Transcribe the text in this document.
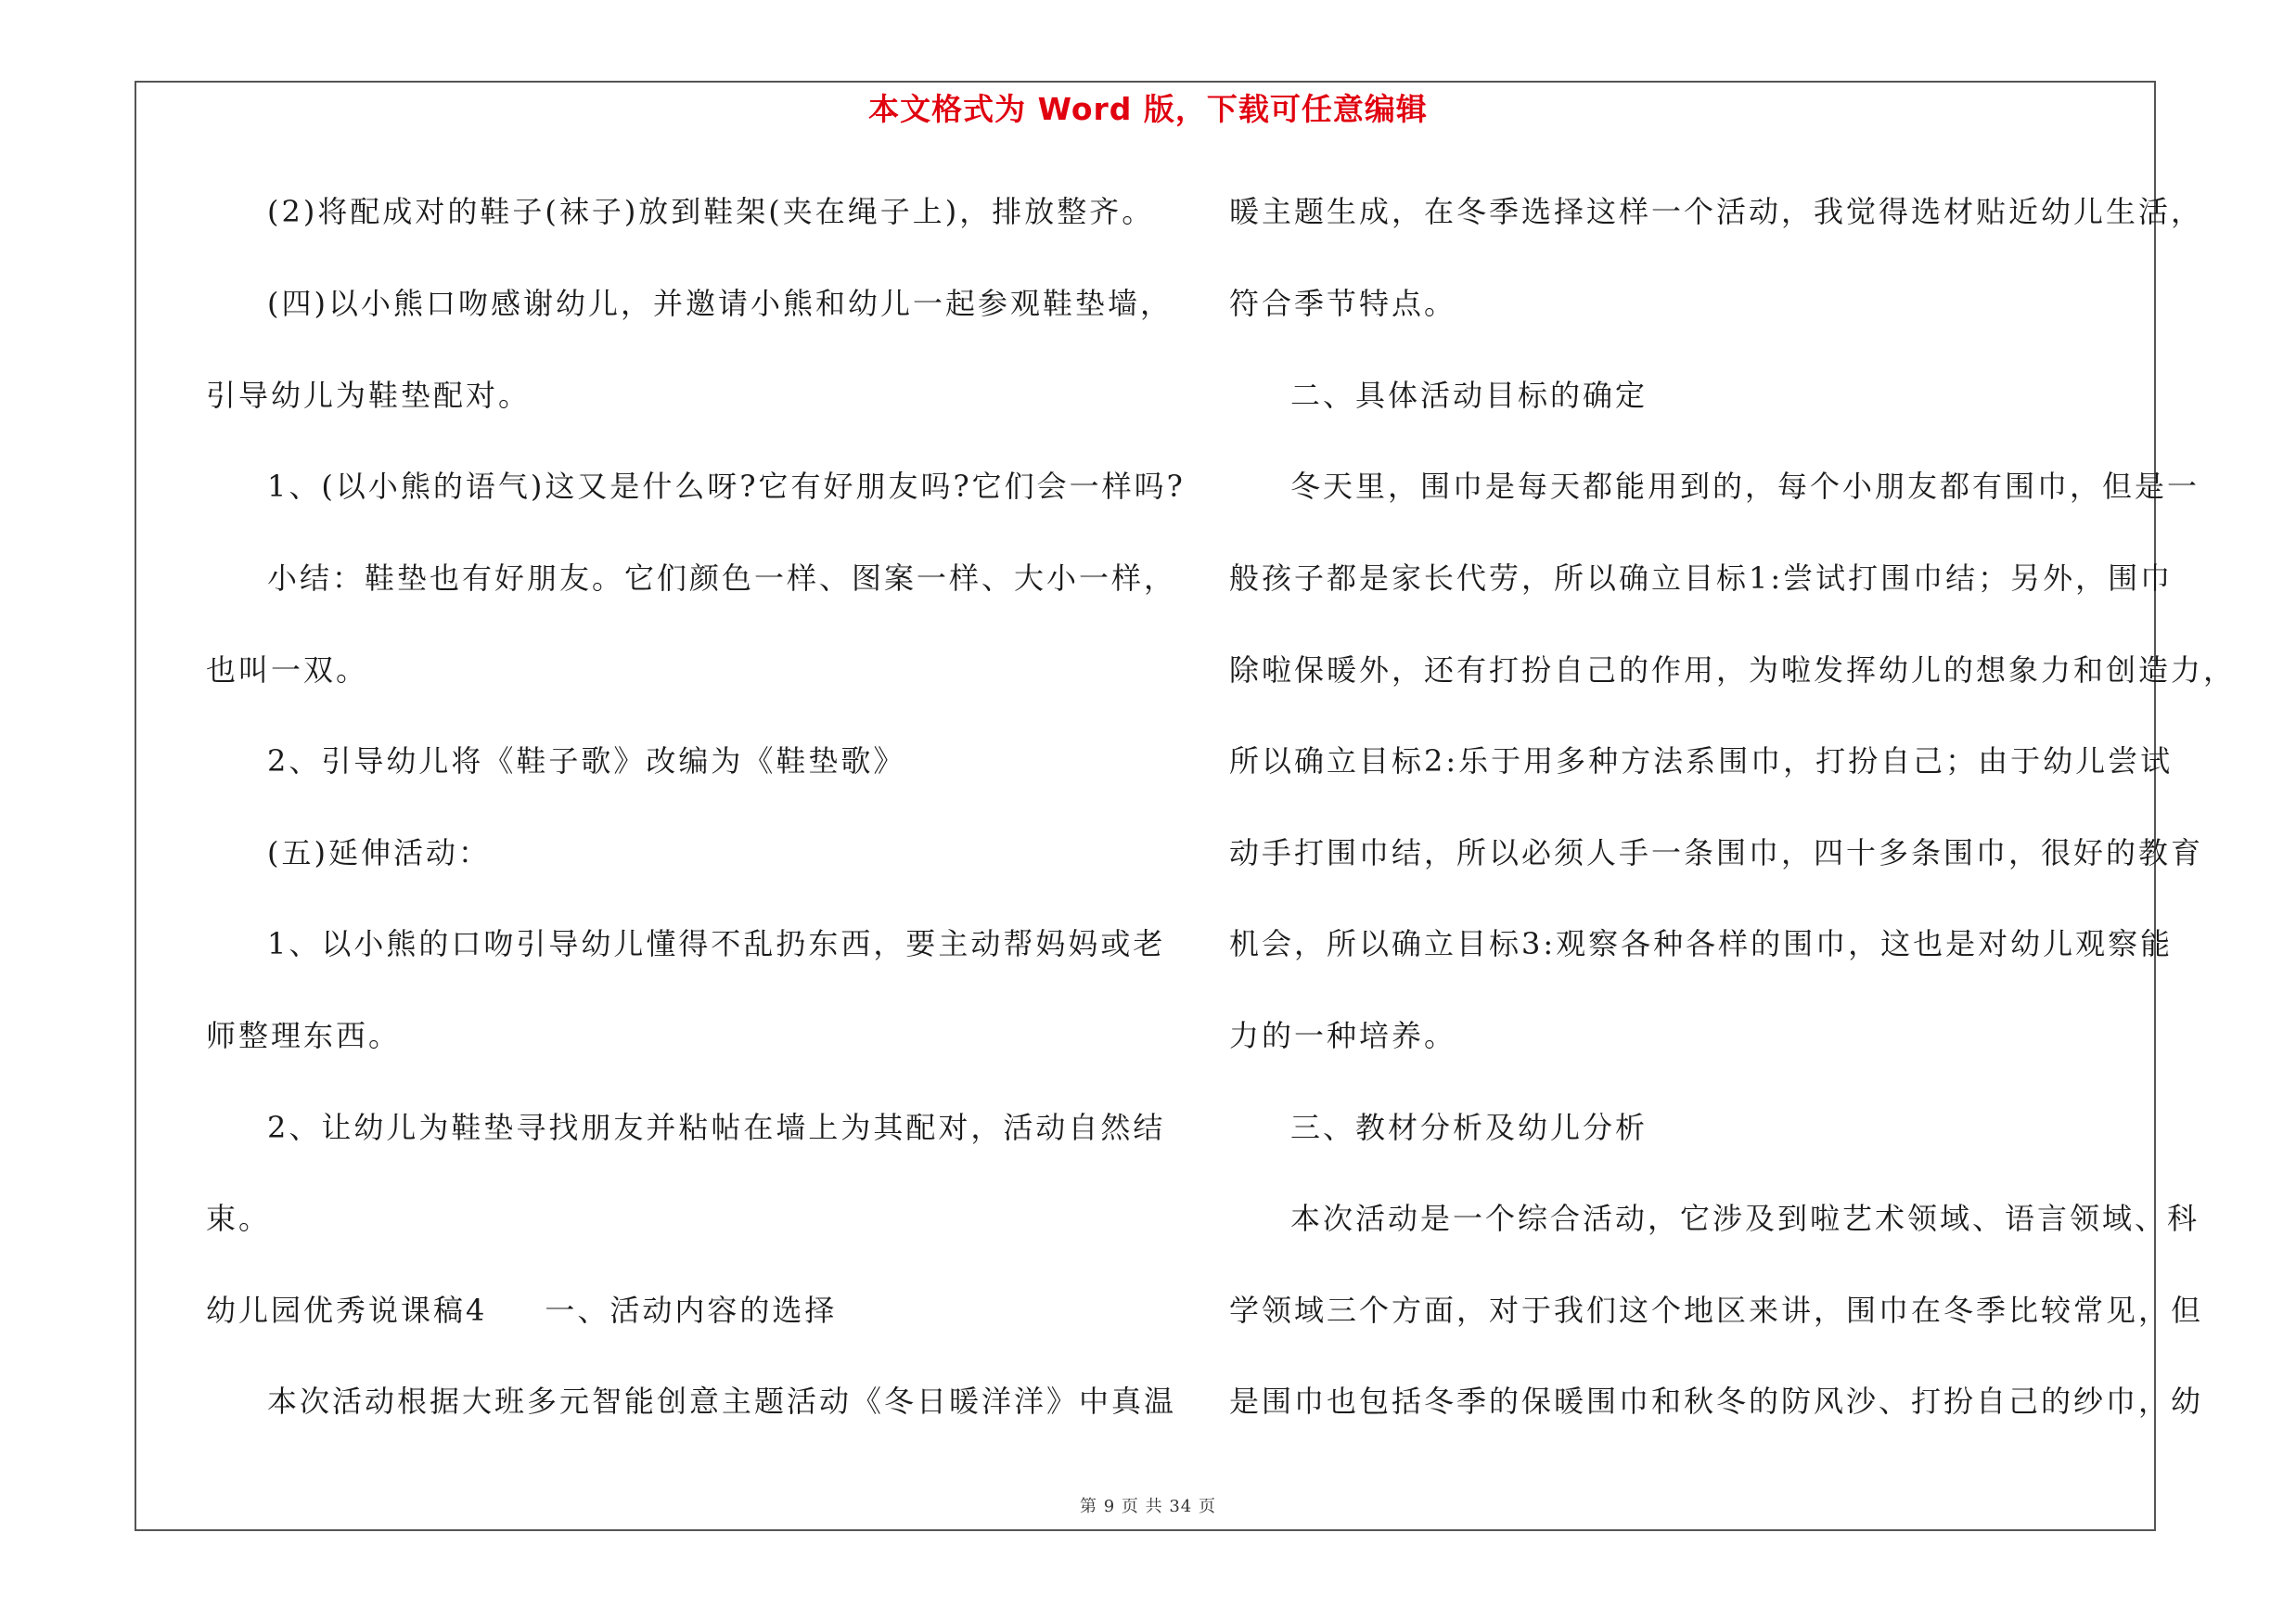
本文格式为 Word 版，下载可任意编辑
(2)将配成对的鞋子(袜子)放到鞋架(夹在绳子上)，排放整齐。
(四)以小熊口吻感谢幼儿，并邀请小熊和幼儿一起参观鞋垫墙，
引导幼儿为鞋垫配对。
1、(以小熊的语气)这又是什么呀?它有好朋友吗?它们会一样吗?
小结：鞋垫也有好朋友。它们颜色一样、图案一样、大小一样，
也叫一双。
2、引导幼儿将《鞋子歌》改编为《鞋垫歌》
(五)延伸活动：
1、以小熊的口吻引导幼儿懂得不乱扔东西，要主动帮妈妈或老
师整理东西。
2、让幼儿为鞋垫寻找朋友并粘帖在墙上为其配对，活动自然结
束。
幼儿园优秀说课稿4 一、活动内容的选择
本次活动根据大班多元智能创意主题活动《冬日暖洋洋》中真温
暖主题生成，在冬季选择这样一个活动，我觉得选材贴近幼儿生活，
符合季节特点。
二、具体活动目标的确定
冬天里，围巾是每天都能用到的，每个小朋友都有围巾，但是一
般孩子都是家长代劳，所以确立目标1:尝试打围巾结；另外，围巾
除啦保暖外，还有打扮自己的作用，为啦发挥幼儿的想象力和创造力，
所以确立目标2:乐于用多种方法系围巾，打扮自己；由于幼儿尝试
动手打围巾结，所以必须人手一条围巾，四十多条围巾，很好的教育
机会，所以确立目标3:观察各种各样的围巾，这也是对幼儿观察能
力的一种培养。
三、教材分析及幼儿分析
本次活动是一个综合活动，它涉及到啦艺术领域、语言领域、科
学领域三个方面，对于我们这个地区来讲，围巾在冬季比较常见，但
是围巾也包括冬季的保暖围巾和秋冬的防风沙、打扮自己的纱巾，幼
第 9 页 共 34 页
